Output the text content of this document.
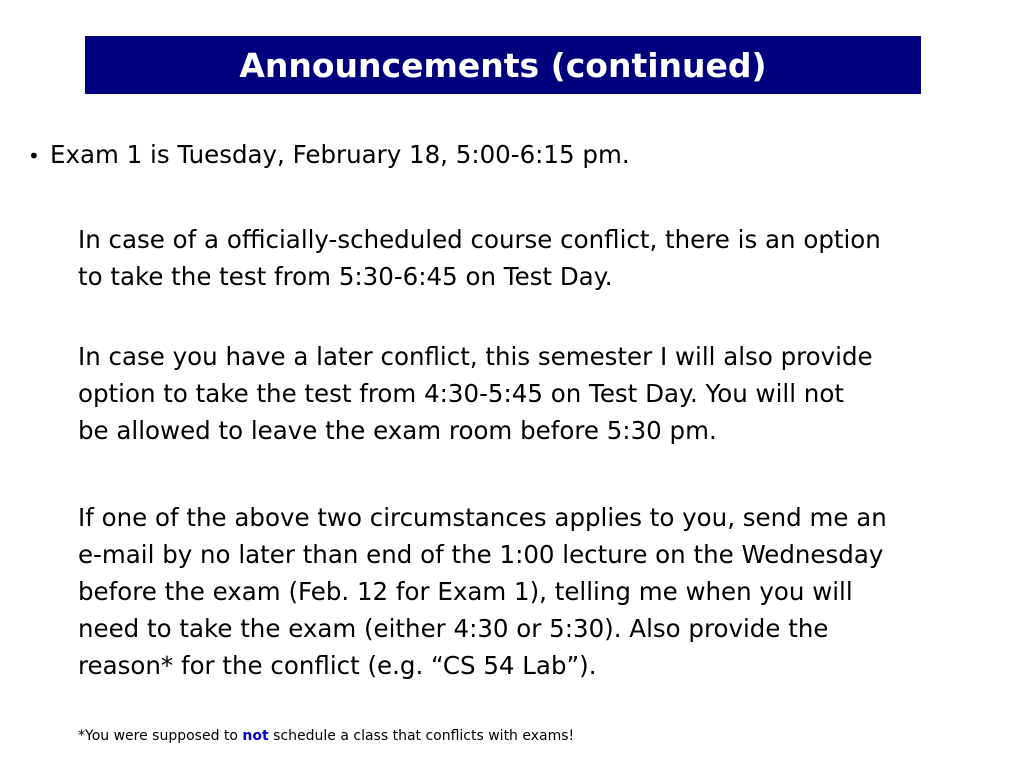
Announcements (continued)
• Exam 1 is Tuesday, February 18, 5:00-6:15 pm.
In case of a officially-scheduled course conflict, there is an option
to take the test from 5:30-6:45 on Test Day.
In case you have a later conflict, this semester I will also provide
option to take the test from 4:30-5:45 on Test Day. You will not
be allowed to leave the exam room before 5:30 pm.
If one of the above two circumstances applies to you, send me an
e-mail by no later than end of the 1:00 lecture on the Wednesday
before the exam (Feb. 12 for Exam 1), telling me when you will
need to take the exam (either 4:30 or 5:30). Also provide the
reason* for the conflict (e.g. “CS 54 Lab”).
*You were supposed to not schedule a class that conflicts with exams!
